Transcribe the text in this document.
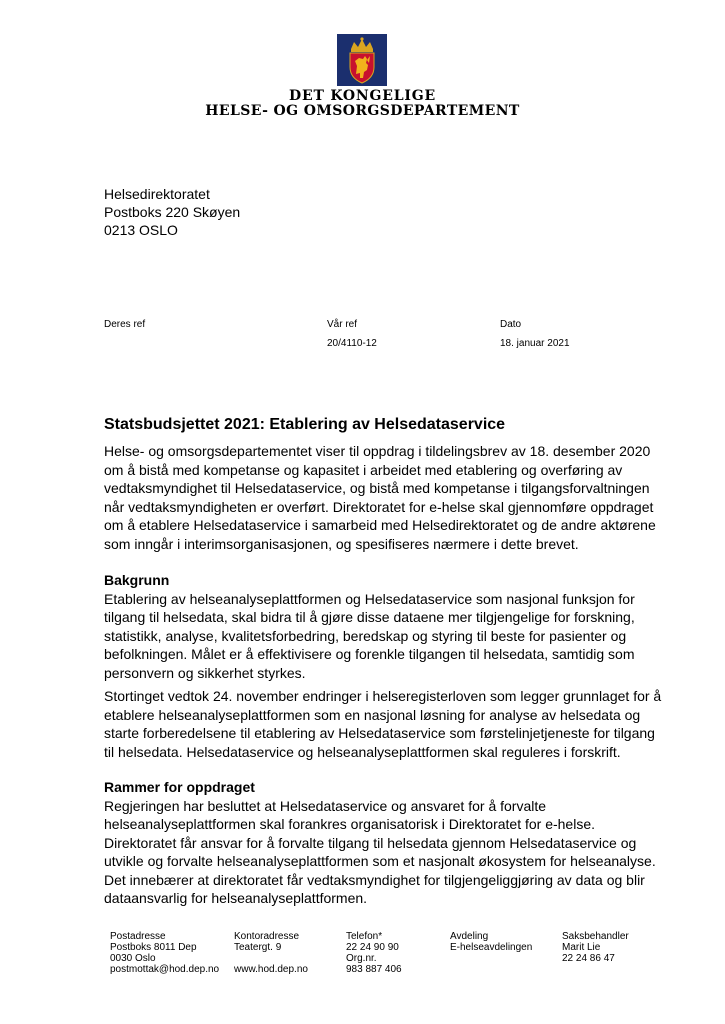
DET KONGELIGE
HELSE- OG OMSORGSDEPARTEMENT
Helsedirektoratet
Postboks 220 Skøyen
0213 OSLO
Deres ref	Vår ref
20/4110-12
Dato
18. januar 2021
Statsbudsjettet 2021: Etablering av Helsedataservice

Helse- og omsorgsdepartementet viser til oppdrag i tildelingsbrev av 18. desember 2020 om å bistå med kompetanse og kapasitet i arbeidet med etablering og overføring av vedtaksmyndighet til Helsedataservice, og bistå med kompetanse i tilgangsforvaltningen når vedtaksmyndigheten er overført. Direktoratet for e-helse skal gjennomføre oppdraget om å etablere Helsedataservice i samarbeid med Helsedirektoratet og de andre aktørene som inngår i interimsorganisasjonen, og spesifiseres nærmere i dette brevet.

Bakgrunn

Etablering av helseanalyseplattformen og Helsedataservice som nasjonal funksjon for tilgang til helsedata, skal bidra til å gjøre disse dataene mer tilgjengelige for forskning, statistikk, analyse, kvalitetsforbedring, beredskap og styring til beste for pasienter og befolkningen. Målet er å effektivisere og forenkle tilgangen til helsedata, samtidig som personvern og sikkerhet styrkes.

Stortinget vedtok 24. november endringer i helseregisterloven som legger grunnlaget for å etablere helseanalyseplattformen som en nasjonal løsning for analyse av helsedata og starte forberedelsene til etablering av Helsedataservice som førstelinjetjeneste for tilgang til helsedata. Helsedataservice og helseanalyseplattformen skal reguleres i forskrift.

Rammer for oppdraget

Regjeringen har besluttet at Helsedataservice og ansvaret for å forvalte helseanalyseplattformen skal forankres organisatorisk i Direktoratet for e-helse. Direktoratet får ansvar for å forvalte tilgang til helsedata gjennom Helsedataservice og utvikle og forvalte helseanalyseplattformen som et nasjonalt økosystem for helseanalyse. Det innebærer at direktoratet får vedtaksmyndighet for tilgjengeliggjøring av data og blir dataansvarlig for helseanalyseplattformen.

Postadresse
Postboks 8011 Dep
0030 Oslo
postmottak@hod.dep.no
Kontoradresse
Teatergt. 9
www.hod.dep.no
Telefon*
22 24 90 90
Org.nr.
983 887 406
Avdeling
E-helseavdelingen
Saksbehandler
Marit Lie
22 24 86 47
